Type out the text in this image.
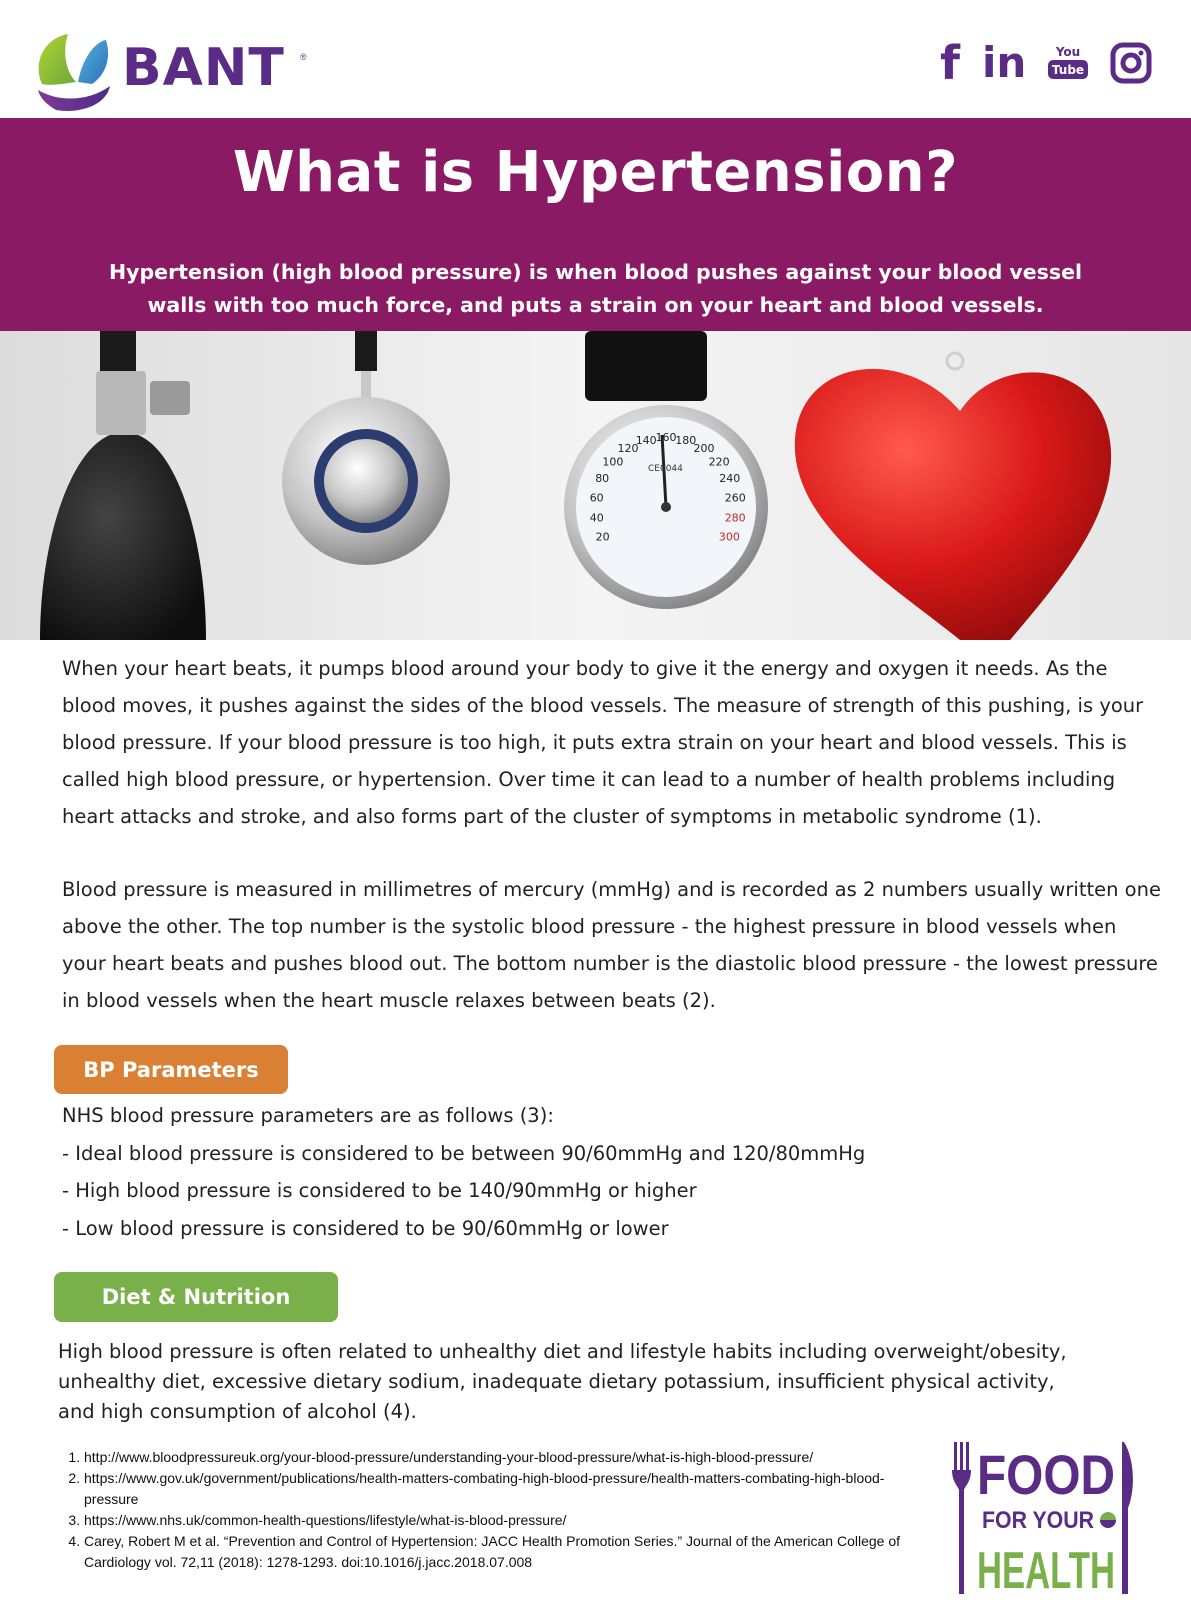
BANT ®	f in You
Tube
What is Hypertension?
Hypertension (high blood pressure) is when blood pushes against your blood vessel walls with too much force, and puts a strain on your heart and blood vessels.
CE0044
300
280
260
240
220
200
180
160
140
120
100
80
60
40
20
When your heart beats, it pumps blood around your body to give it the energy and oxygen it needs. As the blood moves, it pushes against the sides of the blood vessels. The measure of strength of this pushing, is your blood pressure. If your blood pressure is too high, it puts extra strain on your heart and blood vessels. This is called high blood pressure, or hypertension. Over time it can lead to a number of health problems including heart attacks and stroke, and also forms part of the cluster of symptoms in metabolic syndrome (1).
Blood pressure is measured in millimetres of mercury (mmHg) and is recorded as 2 numbers usually written one above the other. The top number is the systolic blood pressure - the highest pressure in blood vessels when your heart beats and pushes blood out. The bottom number is the diastolic blood pressure - the lowest pressure in blood vessels when the heart muscle relaxes between beats (2).
BP Parameters
NHS blood pressure parameters are as follows (3):
- Ideal blood pressure is considered to be between 90/60mmHg and 120/80mmHg
- High blood pressure is considered to be 140/90mmHg or higher
- Low blood pressure is considered to be 90/60mmHg or lower
Diet & Nutrition
High blood pressure is often related to unhealthy diet and lifestyle habits including overweight/obesity, unhealthy diet, excessive dietary sodium, inadequate dietary potassium, insufficient physical activity, and high consumption of alcohol (4).
1. http://www.bloodpressureuk.org/your-blood-pressure/understanding-your-blood-pressure/what-is-high-blood-pressure/
2. https://www.gov.uk/government/publications/health-matters-combating-high-blood-pressure/health-matters-combating-high-blood-pressure
3. https://www.nhs.uk/common-health-questions/lifestyle/what-is-blood-pressure/
4. Carey, Robert M et al. “Prevention and Control of Hypertension: JACC Health Promotion Series.” Journal of the American College of Cardiology vol. 72,11 (2018): 1278-1293. doi:10.1016/j.jacc.2018.07.008
FOOD
FOR YOUR
HEALTH
